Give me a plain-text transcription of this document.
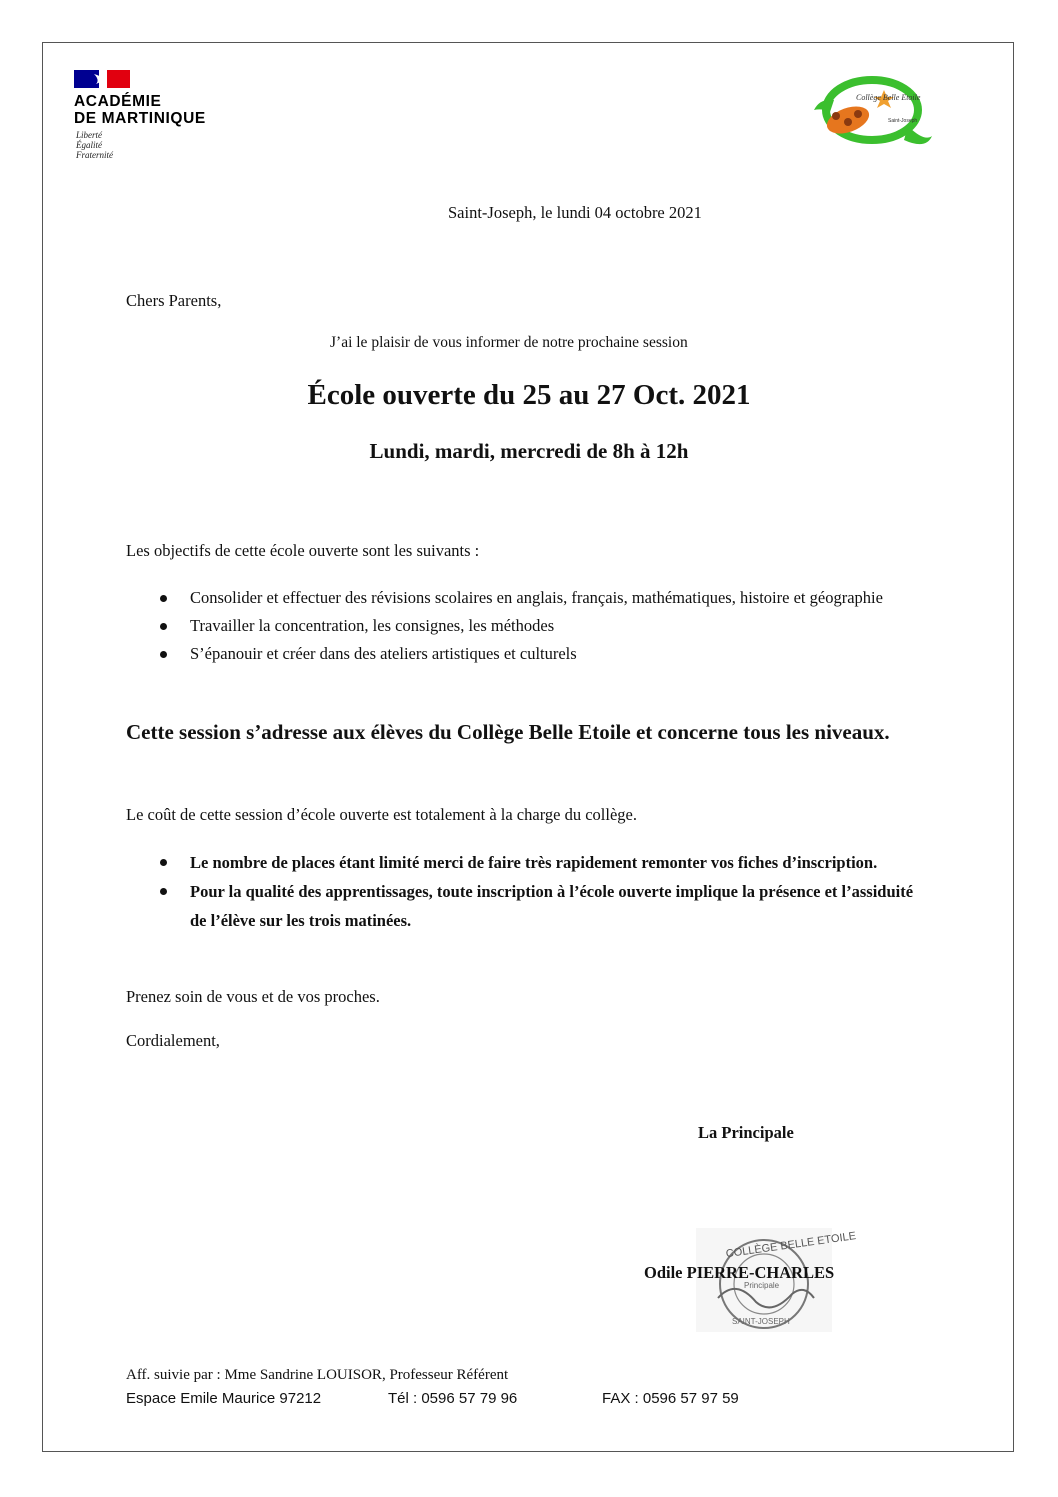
ACADÉMIE
DE MARTINIQUE
Liberté
Égalité
Fraternité
Collège Belle Etoile
Saint-Joseph
Saint-Joseph, le lundi 04 octobre 2021
Chers Parents,
J’ai le plaisir de vous informer de notre prochaine session
École ouverte du 25 au 27 Oct. 2021
Lundi, mardi, mercredi de 8h à 12h
Les objectifs de cette école ouverte sont les suivants :
Consolider et effectuer des révisions scolaires en anglais, français, mathématiques, histoire et géographie
Travailler la concentration, les consignes, les méthodes
S’épanouir et créer dans des ateliers artistiques et culturels
Cette session s’adresse aux élèves du Collège Belle Etoile et concerne tous les niveaux.
Le coût de cette session d’école ouverte est totalement à la charge du collège.
Le nombre de places étant limité merci de faire très rapidement remonter vos fiches d’inscription.
Pour la qualité des apprentissages, toute inscription à l’école ouverte implique la présence et l’assiduité de l’élève sur les trois matinées.
Prenez soin de vous et de vos proches.
Cordialement,
La Principale
COLLÈGE BELLE ETOILE
Principale
SAINT-JOSEPH
Odile PIERRE-CHARLES
Aff. suivie par : Mme Sandrine LOUISOR, Professeur Référent
Espace Emile Maurice 97212	Tél : 0596 57 79 96	FAX : 0596 57 97 59
